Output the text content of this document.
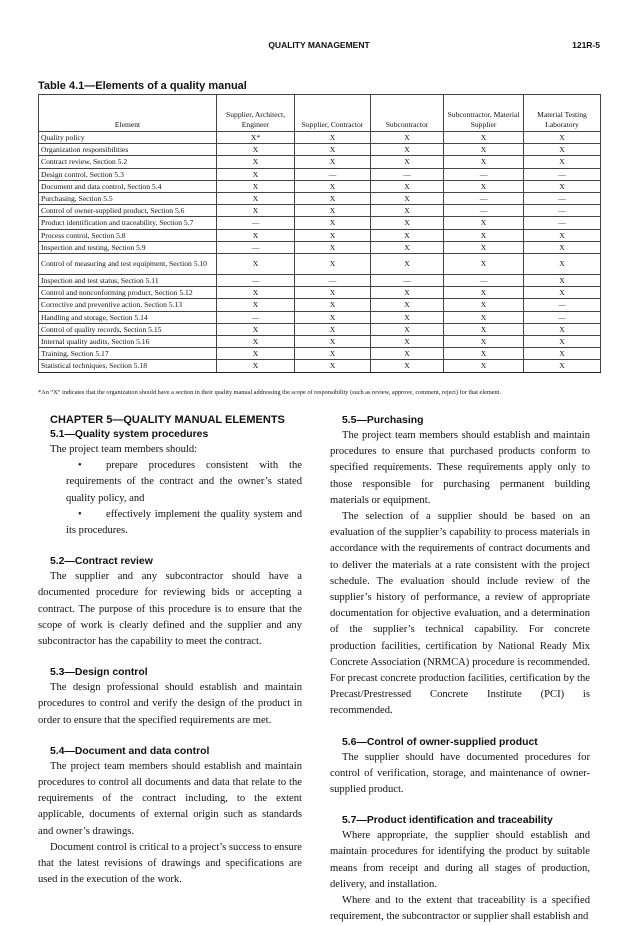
QUALITY MANAGEMENT	121R-5
Table 4.1—Elements of a quality manual
Element	Supplier, Architect, Engineer	Supplier, Contractor	Subcontractor	Subcontractor, Material Supplier	Material Testing Laboratory
Quality policy	X*	X	X	X	X
Organization responsibilities	X	X	X	X	X
Contract review, Section 5.2	X	X	X	X	X
Design control, Section 5.3	X	—	—	—	—
Document and data control, Section 5.4	X	X	X	X	X
Purchasing, Section 5.5	X	X	X	—	—
Control of owner-supplied product, Section 5.6	X	X	X	—	—
Product identification and traceability, Section 5.7	—	X	X	X	—
Process control, Section 5.8	X	X	X	X	X
Inspection and testing, Section 5.9	—	X	X	X	X
Control of measuring and test equipment, Section 5.10	X	X	X	X	X
Inspection and test status, Section 5.11	—	—	—	—	X
Control and nonconforming product, Section 5.12	X	X	X	X	X
Corrective and preventive action, Section 5.13	X	X	X	X	—
Handling and storage, Section 5.14	—	X	X	X	—
Control of quality records, Section 5.15	X	X	X	X	X
Internal quality audits, Section 5.16	X	X	X	X	X
Training, Section 5.17	X	X	X	X	X
Statistical techniques, Section 5.18	X	X	X	X	X
*An “X” indicates that the organization should have a section in their quality manual addressing the scope of responsibility (such as review, approve, comment, reject) for that element.

CHAPTER 5—QUALITY MANUAL ELEMENTS

5.1—Quality system procedures

The project team members should:

• prepare procedures consistent with the requirements of the contract and the owner’s stated quality policy, and

• effectively implement the quality system and its procedures.

5.2—Contract review

The supplier and any subcontractor should have a documented procedure for reviewing bids or accepting a contract. The purpose of this procedure is to ensure that the scope of work is clearly defined and the supplier and any subcontractor has the capability to meet the contract.

5.3—Design control

The design professional should establish and maintain procedures to control and verify the design of the product in order to ensure that the specified requirements are met.

5.4—Document and data control

The project team members should establish and maintain procedures to control all documents and data that relate to the requirements of the contract including, to the extent applicable, documents of external origin such as standards and owner’s drawings.

Document control is critical to a project’s success to ensure that the latest revisions of drawings and specifications are used in the execution of the work.

5.5—Purchasing

The project team members should establish and maintain procedures to ensure that purchased products conform to specified requirements. These requirements apply only to those responsible for purchasing permanent building materials or equipment.

The selection of a supplier should be based on an evaluation of the supplier’s capability to process materials in accordance with the requirements of contract documents and to deliver the materials at a rate consistent with the project schedule. The evaluation should include review of the supplier’s history of performance, a review of appropriate documentation for objective evaluation, and a determination of the supplier’s technical capability. For concrete production facilities, certification by National Ready Mix Concrete Association (NRMCA) procedure is recommended. For precast concrete production facilities, certification by the Precast/Prestressed Concrete Institute (PCI) is recommended.

5.6—Control of owner-supplied product

The supplier should have documented procedures for control of verification, storage, and maintenance of owner-supplied product.

5.7—Product identification and traceability

Where appropriate, the supplier should establish and maintain procedures for identifying the product by suitable means from receipt and during all stages of production, delivery, and installation.

Where and to the extent that traceability is a specified requirement, the subcontractor or supplier shall establish and
